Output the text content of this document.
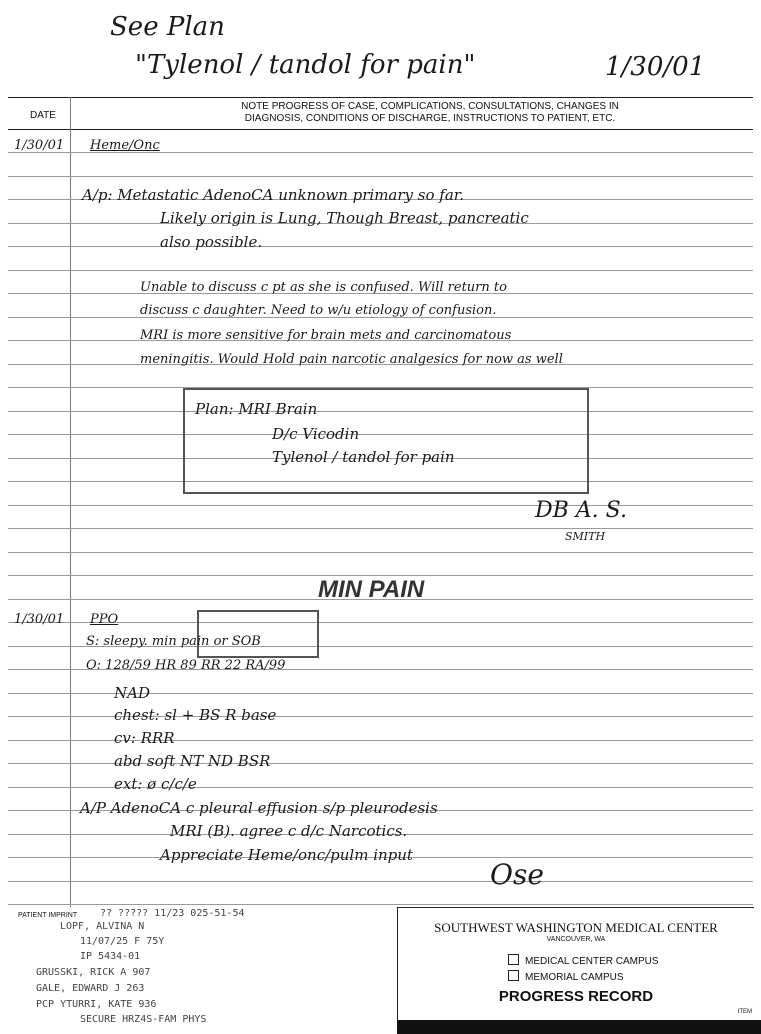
See Plan
"Tylenol / tandol for pain"	1/30/01
DATE
NOTE PROGRESS OF CASE, COMPLICATIONS, CONSULTATIONS, CHANGES IN DIAGNOSIS, CONDITIONS OF DISCHARGE, INSTRUCTIONS TO PATIENT, ETC.
1/30/01 Heme/Onc
A/p: Metastatic AdenoCA unknown primary so far.
Likely origin is Lung, Though Breast, pancreatic
also possible.
Unable to discuss c pt as she is confused. Will return to
discuss c daughter. Need to w/u etiology of confusion.
MRI is more sensitive for brain mets and carcinomatous
meningitis. Would Hold pain narcotic analgesics for now as well
Plan: MRI Brain
D/c Vicodin
Tylenol / tandol for pain
DB A. S.
SMITH
MIN PAIN
1/30/01 PPO
S: sleepy. min pain or SOB
O: 128/59 HR 89 RR 22 RA/99
NAD
chest: sl + BS R base
cv: RRR
abd soft NT ND BSR
ext: ø c/c/e
A/P AdenoCA c pleural effusion s/p pleurodesis
MRI (B). agree c d/c Narcotics.
Appreciate Heme/onc/pulm input
Ose
PATIENT IMPRINT ?? ????? 11/23 025-51-54
LOPF, ALVINA N
11/07/25 F 75Y
IP 5434-01
GRUSSKI, RICK A 907
GALE, EDWARD J 263
PCP YTURRI, KATE 936
SECURE HRZ4S-FAM PHYS
SOUTHWEST WASHINGTON MEDICAL CENTER
VANCOUVER, WA
MEDICAL CENTER CAMPUS
MEMORIAL CAMPUS
PROGRESS RECORD
ITEM
